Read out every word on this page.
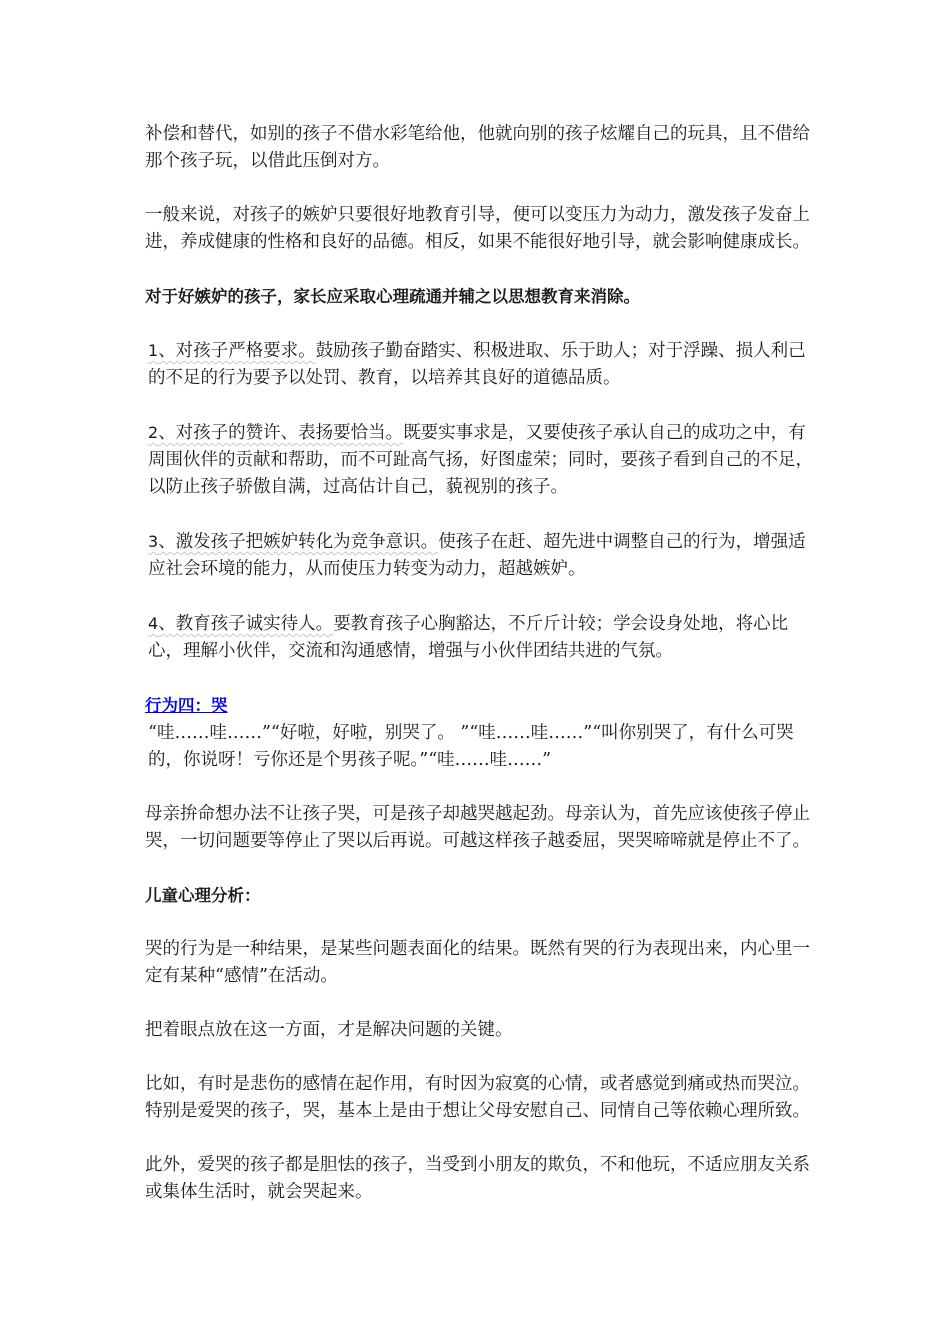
补偿和替代，如别的孩子不借水彩笔给他，他就向别的孩子炫耀自己的玩具，且不借给那个孩子玩，以借此压倒对方。

一般来说，对孩子的嫉妒只要很好地教育引导，便可以变压力为动力，激发孩子发奋上进，养成健康的性格和良好的品德。相反，如果不能很好地引导，就会影响健康成长。

对于好嫉妒的孩子，家长应采取心理疏通并辅之以思想教育来消除。

1、对孩子严格要求。鼓励孩子勤奋踏实、积极进取、乐于助人；对于浮躁、损人利己的不足的行为要予以处罚、教育，以培养其良好的道德品质。

2、对孩子的赞许、表扬要恰当。既要实事求是，又要使孩子承认自己的成功之中，有周围伙伴的贡献和帮助，而不可趾高气扬，好图虚荣；同时，要孩子看到自己的不足，以防止孩子骄傲自满，过高估计自己，藐视别的孩子。

3、激发孩子把嫉妒转化为竞争意识。使孩子在赶、超先进中调整自己的行为，增强适应社会环境的能力，从而使压力转变为动力，超越嫉妒。

4、教育孩子诚实待人。要教育孩子心胸豁达，不斤斤计较；学会设身处地，将心比心，理解小伙伴，交流和沟通感情，增强与小伙伴团结共进的气氛。

行为四：哭

“哇……哇……”“好啦，好啦，别哭了。 ”“哇……哇……”“叫你别哭了，有什么可哭的，你说呀！亏你还是个男孩子呢。”“哇……哇……”

母亲拚命想办法不让孩子哭，可是孩子却越哭越起劲。母亲认为，首先应该使孩子停止哭，一切问题要等停止了哭以后再说。可越这样孩子越委屈，哭哭啼啼就是停止不了。

儿童心理分析：

哭的行为是一种结果，是某些问题表面化的结果。既然有哭的行为表现出来，内心里一定有某种“感情”在活动。

把着眼点放在这一方面，才是解决问题的关键。

比如，有时是悲伤的感情在起作用，有时因为寂寞的心情，或者感觉到痛或热而哭泣。特别是爱哭的孩子，哭，基本上是由于想让父母安慰自己、同情自己等依赖心理所致。

此外，爱哭的孩子都是胆怯的孩子，当受到小朋友的欺负，不和他玩，不适应朋友关系或集体生活时，就会哭起来。
